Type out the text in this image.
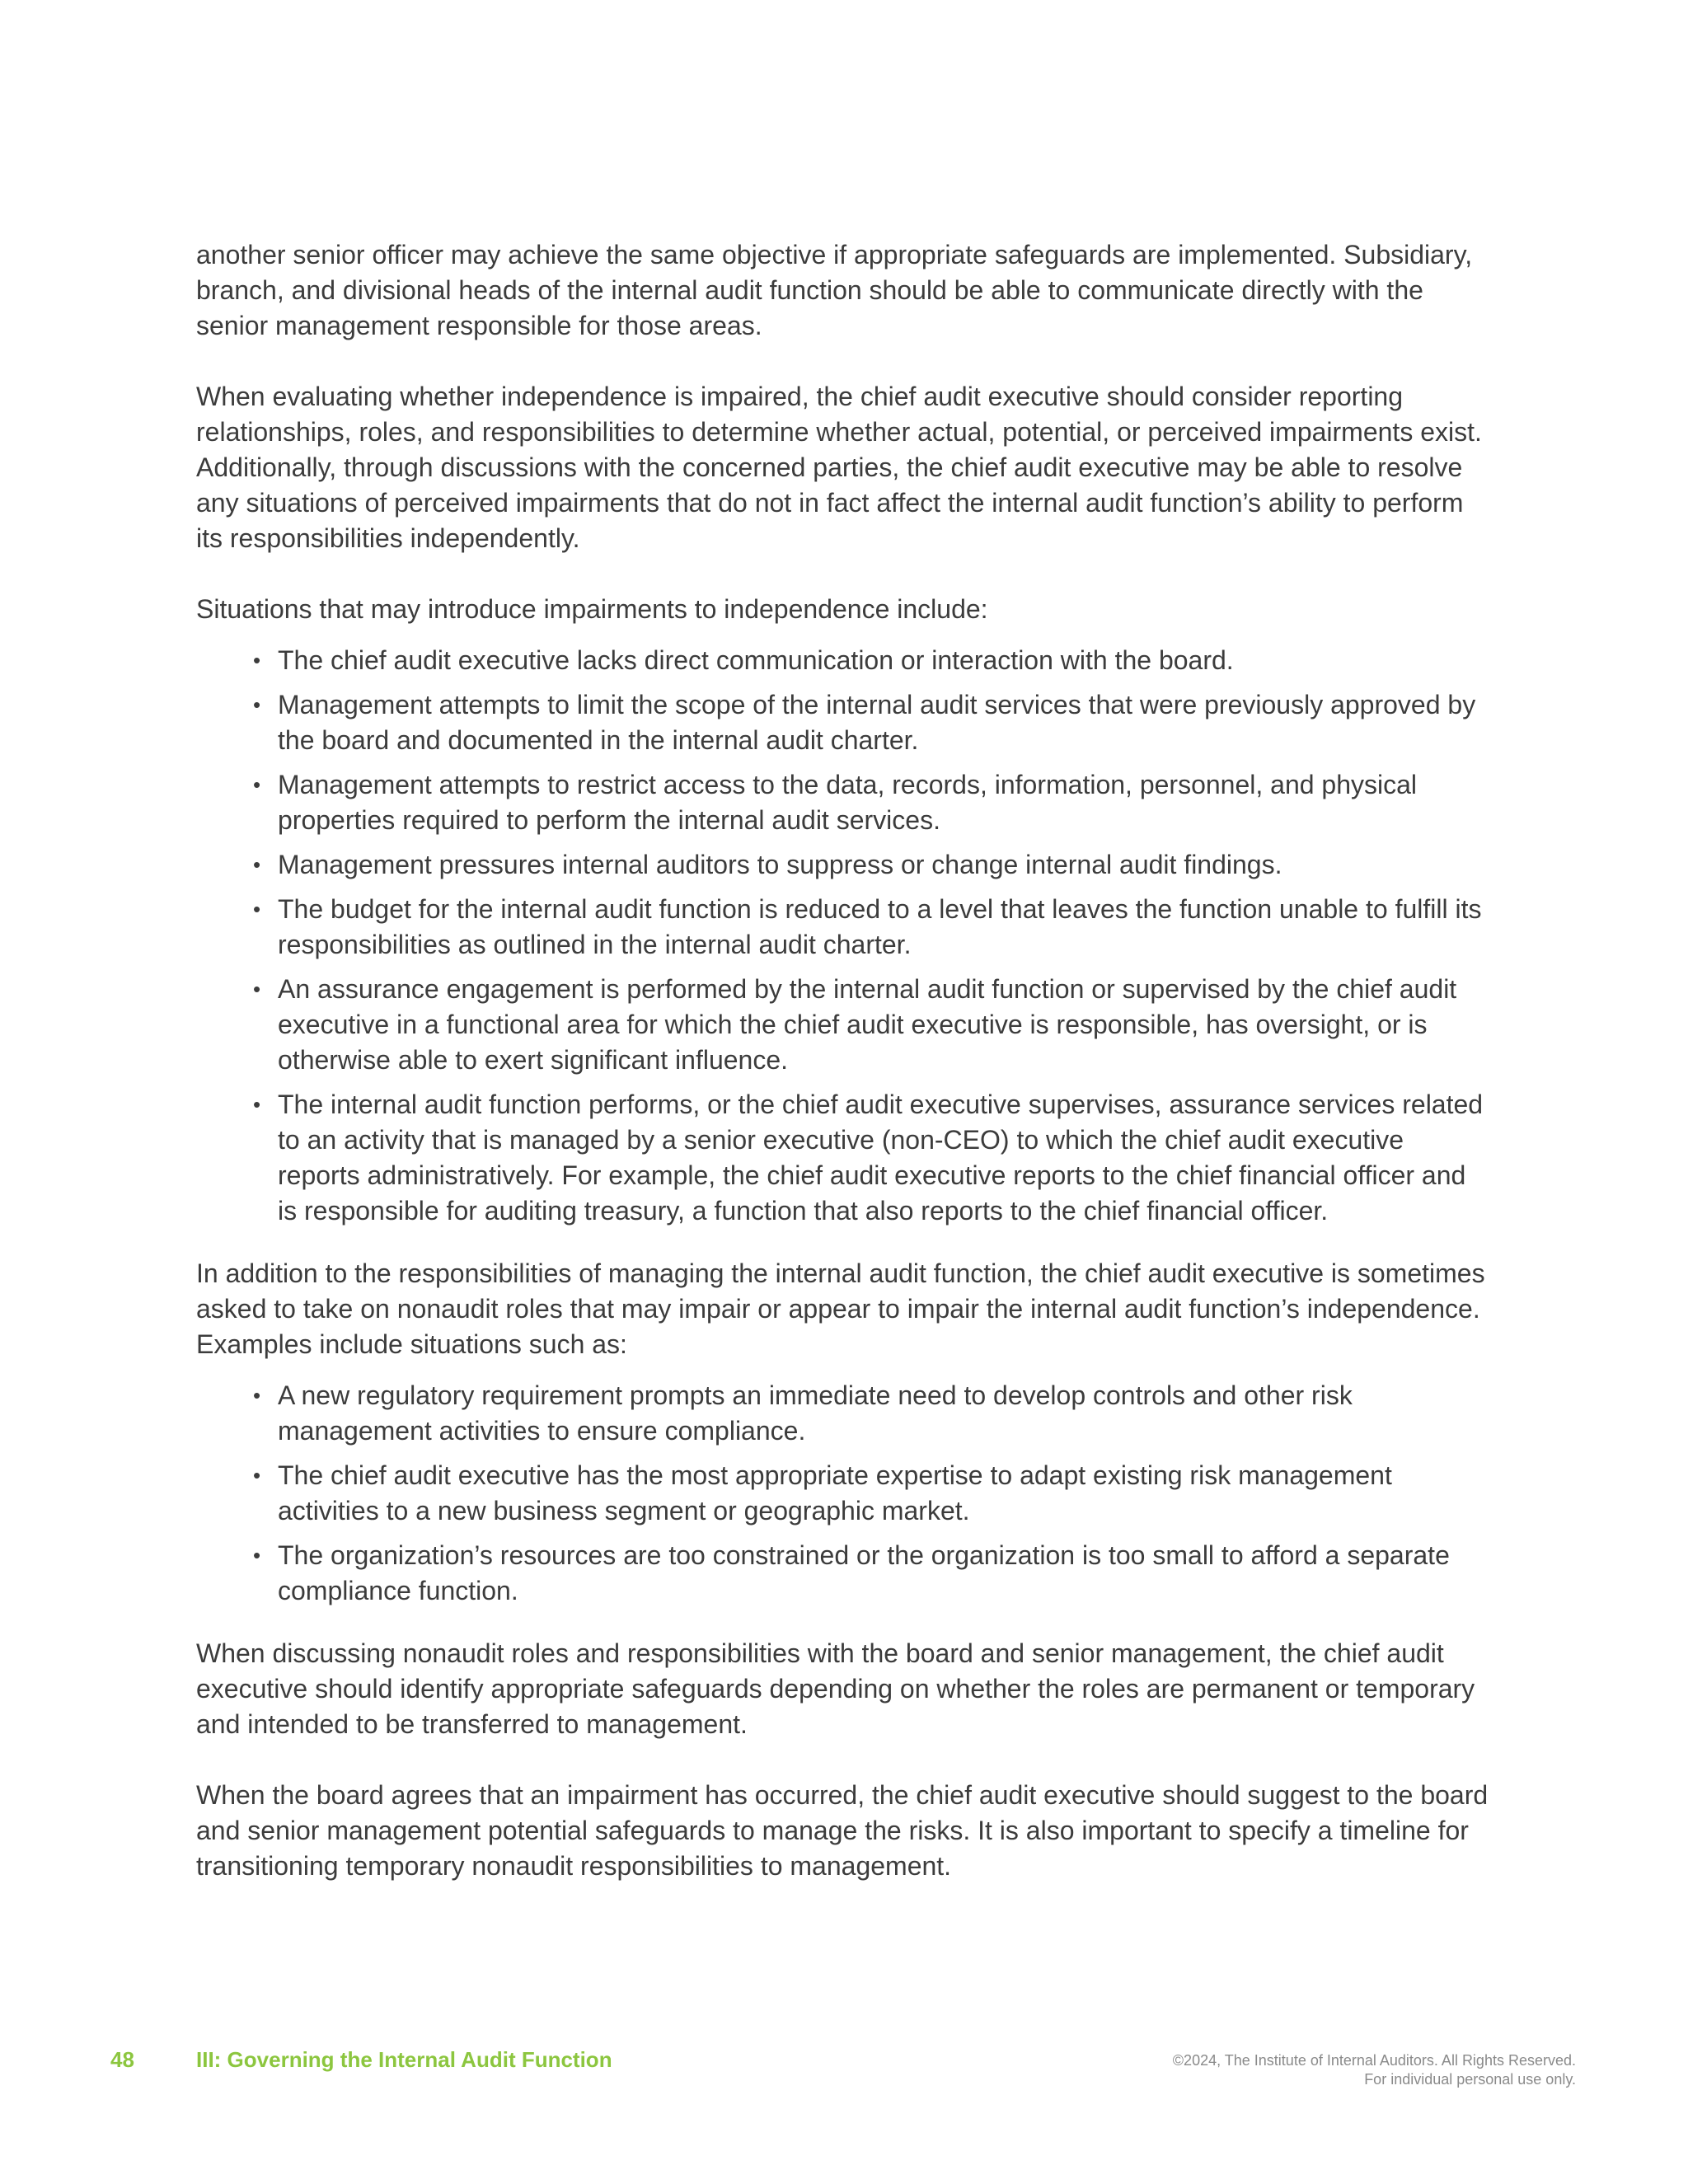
another senior officer may achieve the same objective if appropriate safeguards are implemented. Subsidiary, branch, and divisional heads of the internal audit function should be able to communicate directly with the senior management responsible for those areas.

When evaluating whether independence is impaired, the chief audit executive should consider reporting relationships, roles, and responsibilities to determine whether actual, potential, or perceived impairments exist. Additionally, through discussions with the concerned parties, the chief audit executive may be able to resolve any situations of perceived impairments that do not in fact affect the internal audit function’s ability to perform its responsibilities independently.

Situations that may introduce impairments to independence include:

• The chief audit executive lacks direct communication or interaction with the board.
• Management attempts to limit the scope of the internal audit services that were previously approved by the board and documented in the internal audit charter.
• Management attempts to restrict access to the data, records, information, personnel, and physical properties required to perform the internal audit services.
• Management pressures internal auditors to suppress or change internal audit findings.
• The budget for the internal audit function is reduced to a level that leaves the function unable to fulfill its responsibilities as outlined in the internal audit charter.
• An assurance engagement is performed by the internal audit function or supervised by the chief audit executive in a functional area for which the chief audit executive is responsible, has oversight, or is otherwise able to exert significant influence.
• The internal audit function performs, or the chief audit executive supervises, assurance services related to an activity that is managed by a senior executive (non-CEO) to which the chief audit executive reports administratively. For example, the chief audit executive reports to the chief financial officer and is responsible for auditing treasury, a function that also reports to the chief financial officer.

In addition to the responsibilities of managing the internal audit function, the chief audit executive is sometimes asked to take on nonaudit roles that may impair or appear to impair the internal audit function’s independence. Examples include situations such as:

• A new regulatory requirement prompts an immediate need to develop controls and other risk management activities to ensure compliance.
• The chief audit executive has the most appropriate expertise to adapt existing risk management activities to a new business segment or geographic market.
• The organization’s resources are too constrained or the organization is too small to afford a separate compliance function.

When discussing nonaudit roles and responsibilities with the board and senior management, the chief audit executive should identify appropriate safeguards depending on whether the roles are permanent or temporary and intended to be transferred to management.

When the board agrees that an impairment has occurred, the chief audit executive should suggest to the board and senior management potential safeguards to manage the risks. It is also important to specify a timeline for transitioning temporary nonaudit responsibilities to management.

48	III: Governing the Internal Audit Function	©2024, The Institute of Internal Auditors. All Rights Reserved.
For individual personal use only.
